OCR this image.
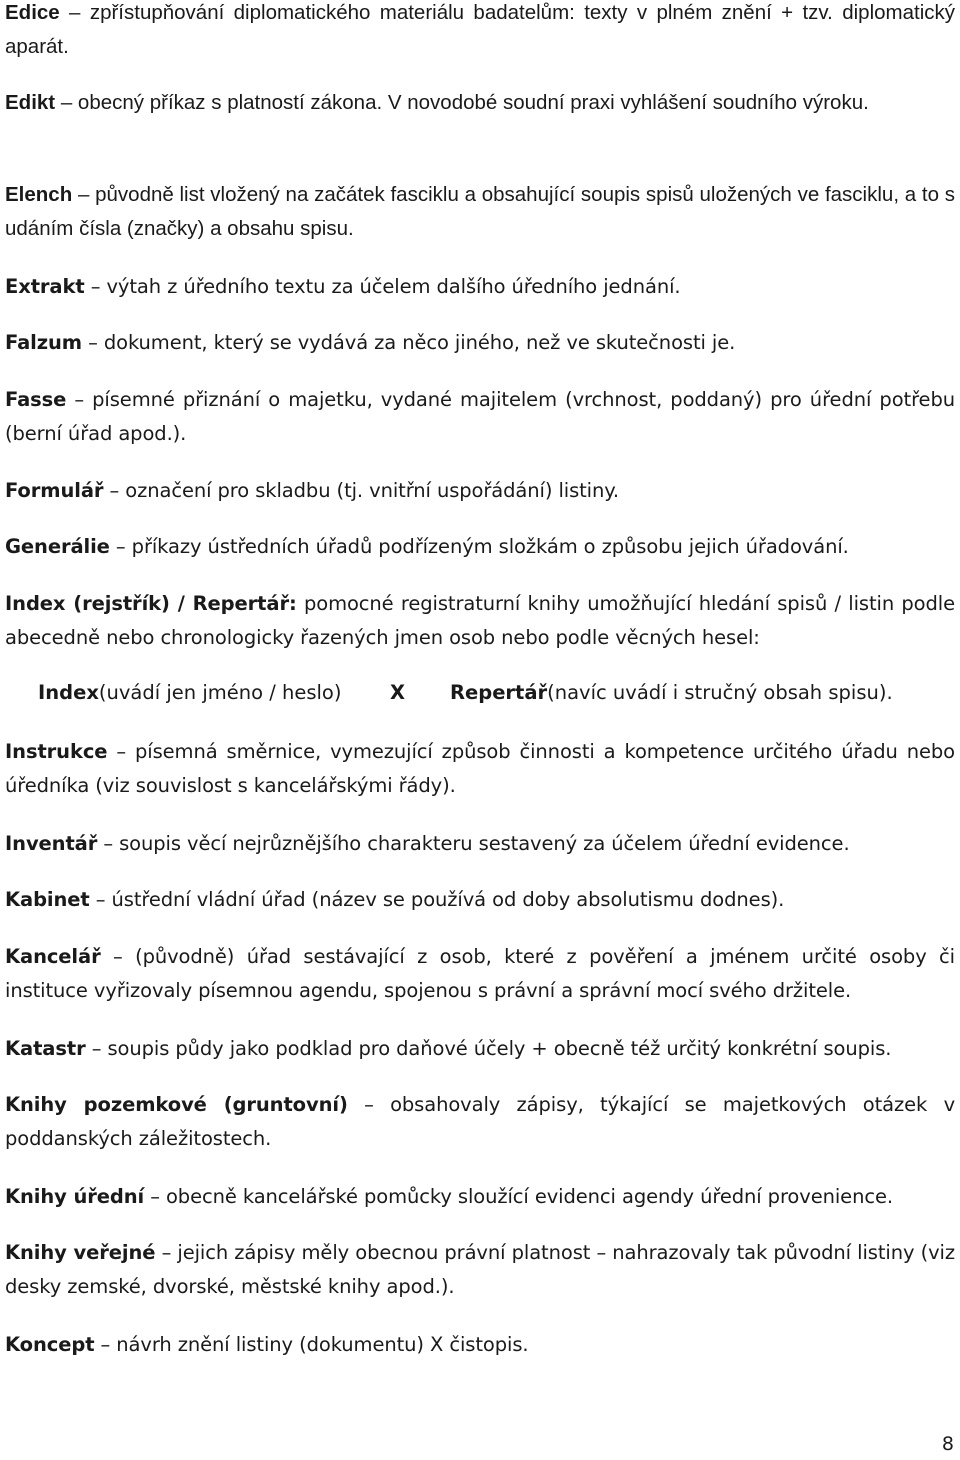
Edice – zpřístupňování diplomatického materiálu badatelům: texty v plném znění + tzv. diplomatický aparát.

Edikt – obecný příkaz s platností zákona. V novodobé soudní praxi vyhlášení soudního výroku.

Elench – původně list vložený na začátek fasciklu a obsahující soupis spisů uložených ve fasciklu, a to s udáním čísla (značky) a obsahu spisu.

Extrakt – výtah z úředního textu za účelem dalšího úředního jednání.

Falzum – dokument, který se vydává za něco jiného, než ve skutečnosti je.

Fasse – písemné přiznání o majetku, vydané majitelem (vrchnost, poddaný) pro úřední potřebu (berní úřad apod.).

Formulář – označení pro skladbu (tj. vnitřní uspořádání) listiny.

Generálie – příkazy ústředních úřadů podřízeným složkám o způsobu jejich úřadování.

Index (rejstřík) / Repertář: pomocné registraturní knihy umožňující hledání spisů / listin podle abecedně nebo chronologicky řazených jmen osob nebo podle věcných hesel:

Index(uvádí jen jméno / heslo) X Repertář(navíc uvádí i stručný obsah spisu).

Instrukce – písemná směrnice, vymezující způsob činnosti a kompetence určitého úřadu nebo úředníka (viz souvislost s kancelářskými řády).

Inventář – soupis věcí nejrůznějšího charakteru sestavený za účelem úřední evidence.

Kabinet – ústřední vládní úřad (název se používá od doby absolutismu dodnes).

Kancelář – (původně) úřad sestávající z osob, které z pověření a jménem určité osoby či instituce vyřizovaly písemnou agendu, spojenou s právní a správní mocí svého držitele.

Katastr – soupis půdy jako podklad pro daňové účely + obecně též určitý konkrétní soupis.

Knihy pozemkové (gruntovní) – obsahovaly zápisy, týkající se majetkových otázek v poddanských záležitostech.

Knihy úřední – obecně kancelářské pomůcky sloužící evidenci agendy úřední provenience.

Knihy veřejné – jejich zápisy měly obecnou právní platnost – nahrazovaly tak původní listiny (viz desky zemské, dvorské, městské knihy apod.).

Koncept – návrh znění listiny (dokumentu) X čistopis.

8
